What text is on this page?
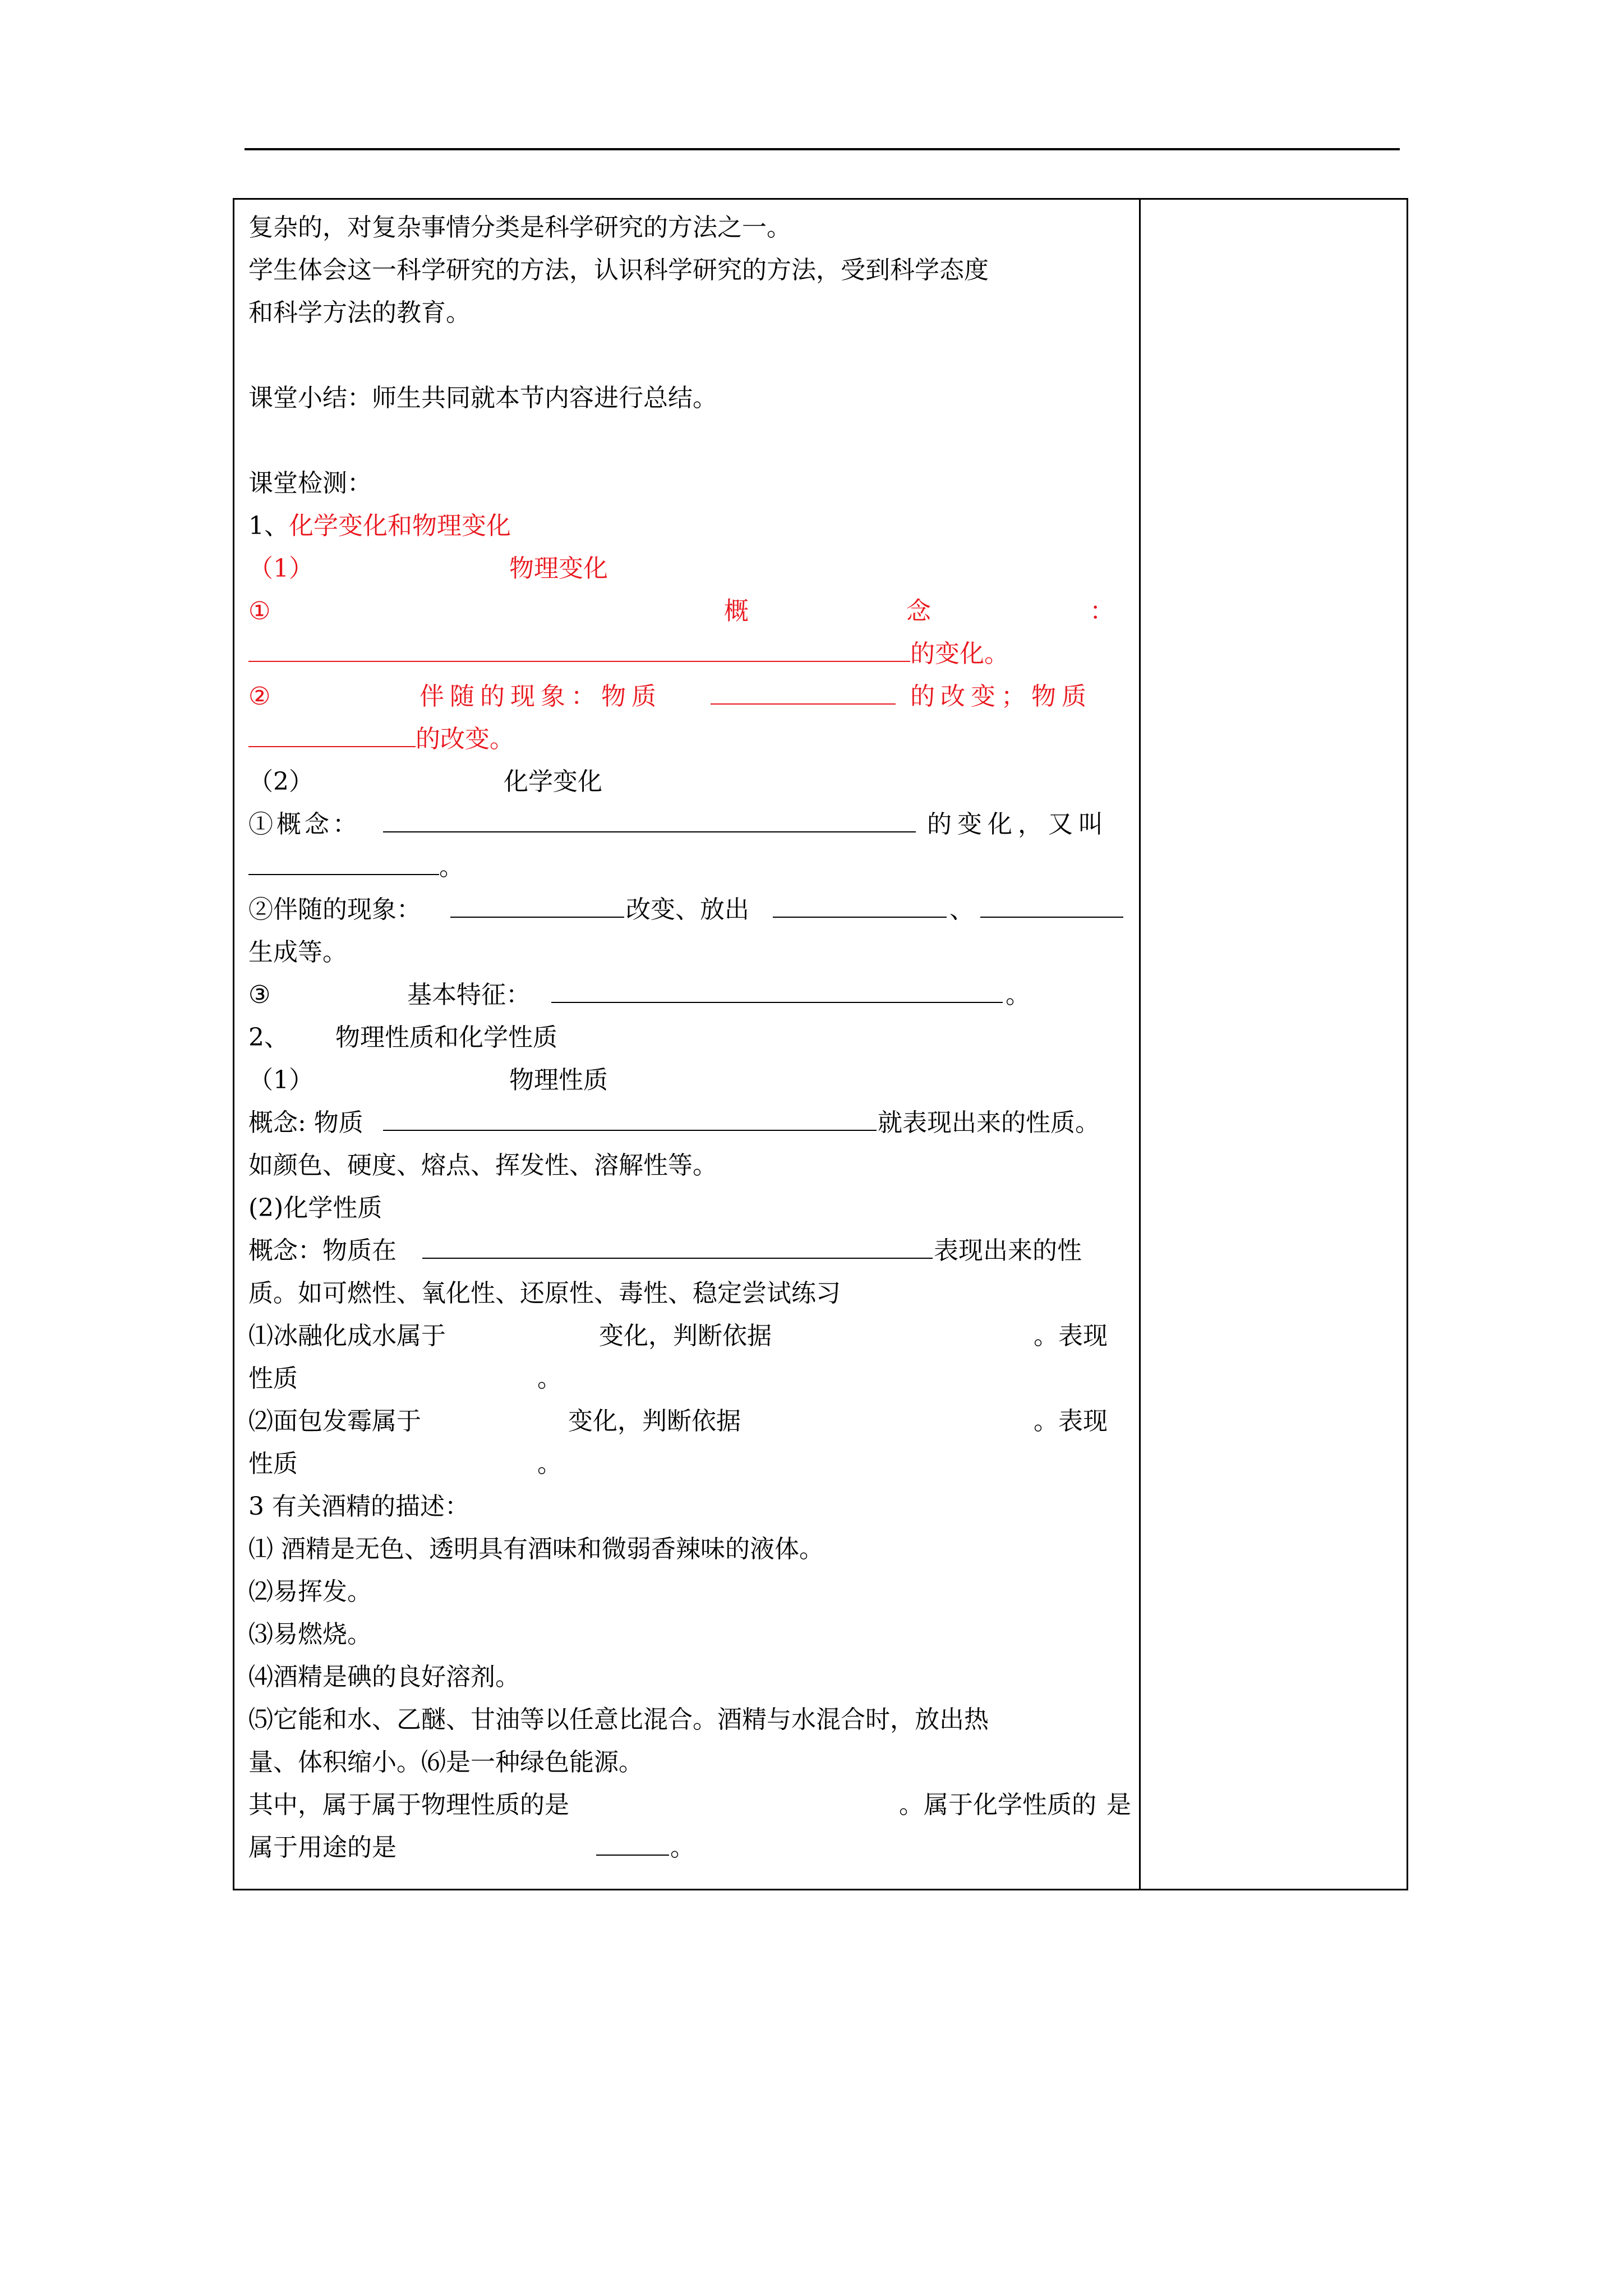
复杂的，对复杂事情分类是科学研究的方法之一。
学生体会这一科学研究的方法，认识科学研究的方法，受到科学态度
和科学方法的教育。
课堂小结：师生共同就本节内容进行总结。
课堂检测：
1、化学变化和物理变化
（1）	物理变化
①	概	念	：
的变化。
②	伴随的现象：物质	的改变；物质
的改变。
（2）	化学变化
①概念：	的变化，又叫
。
②伴随的现象：	改变、放出	、
生成等。
③	基本特征：	。
2、 物理性质和化学性质
（1）	物理性质
概念: 物质	就表现出来的性质。
如颜色、硬度、熔点、挥发性、溶解性等。
(2)化学性质
概念：物质在	表现出来的性
质。如可燃性、氧化性、还原性、毒性、稳定尝试练习
⑴冰融化成水属于	变化，判断依据	。表现
性质	。
⑵面包发霉属于	变化，判断依据	。表现
性质	。
3 有关酒精的描述：
⑴ 酒精是无色、透明具有酒味和微弱香辣味的液体。
⑵易挥发。
⑶易燃烧。
⑷酒精是碘的良好溶剂。
⑸它能和水、乙醚、甘油等以任意比混合。酒精与水混合时，放出热
量、体积缩小。⑹是一种绿色能源。
其中，属于属于物理性质的是	。属于化学性质的 是
属于用途的是	。
